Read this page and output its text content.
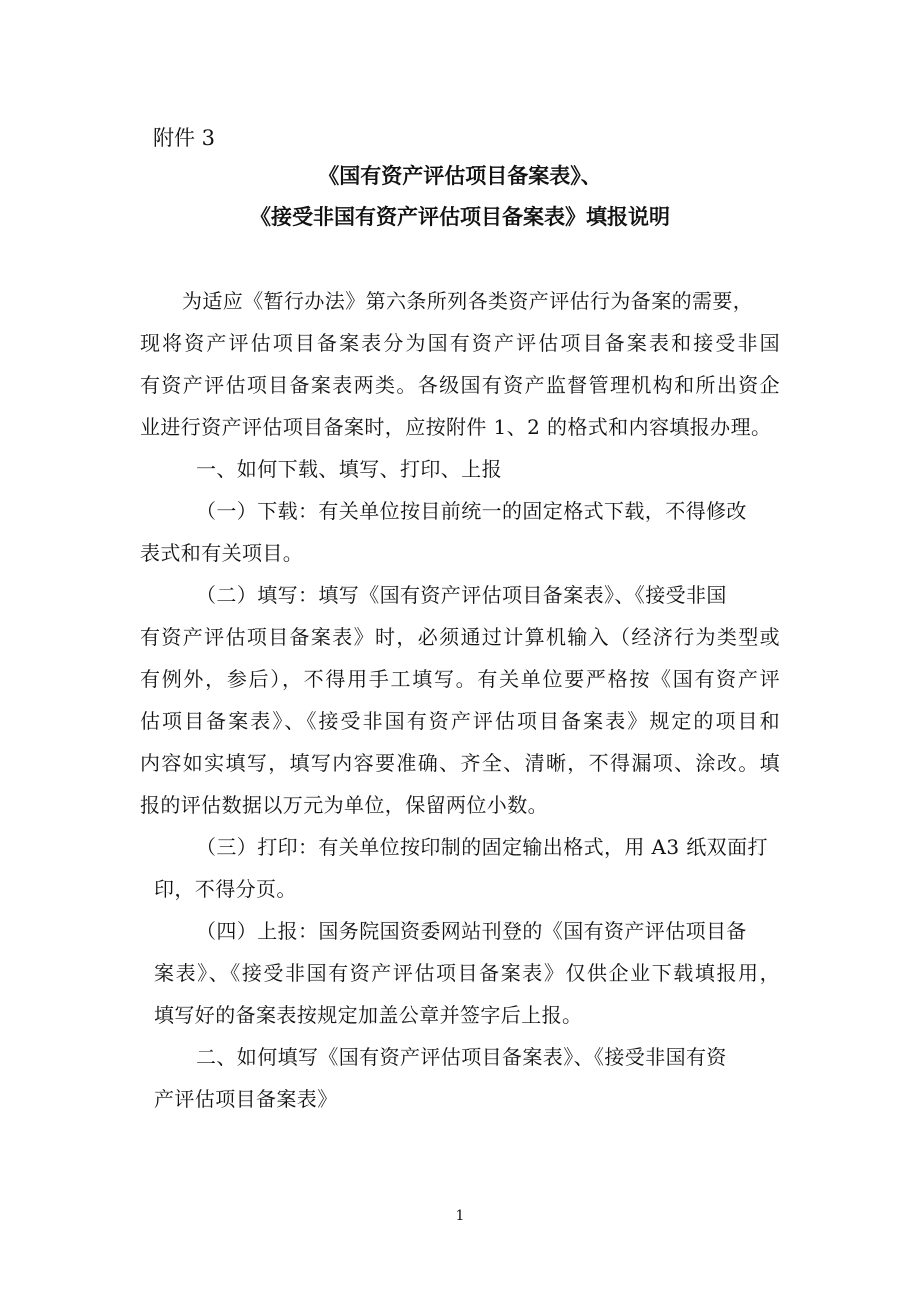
附件 3
《国有资产评估项目备案表》、
《接受非国有资产评估项目备案表》填报说明
为适应《暂行办法》第六条所列各类资产评估行为备案的需要，
现将资产评估项目备案表分为国有资产评估项目备案表和接受非国
有资产评估项目备案表两类。各级国有资产监督管理机构和所出资企
业进行资产评估项目备案时，应按附件 1、2 的格式和内容填报办理。
一、如何下载、填写、打印、上报
（一）下载：有关单位按目前统一的固定格式下载，不得修改
表式和有关项目。
（二）填写：填写《国有资产评估项目备案表》、《接受非国
有资产评估项目备案表》时，必须通过计算机输入（经济行为类型或
有例外，参后），不得用手工填写。有关单位要严格按《国有资产评
估项目备案表》、《接受非国有资产评估项目备案表》规定的项目和
内容如实填写，填写内容要准确、齐全、清晰，不得漏项、涂改。填
报的评估数据以万元为单位，保留两位小数。
（三）打印：有关单位按印制的固定输出格式，用 A3 纸双面打
印，不得分页。
（四）上报：国务院国资委网站刊登的《国有资产评估项目备
案表》、《接受非国有资产评估项目备案表》仅供企业下载填报用，
填写好的备案表按规定加盖公章并签字后上报。
二、如何填写《国有资产评估项目备案表》、《接受非国有资
产评估项目备案表》
1
